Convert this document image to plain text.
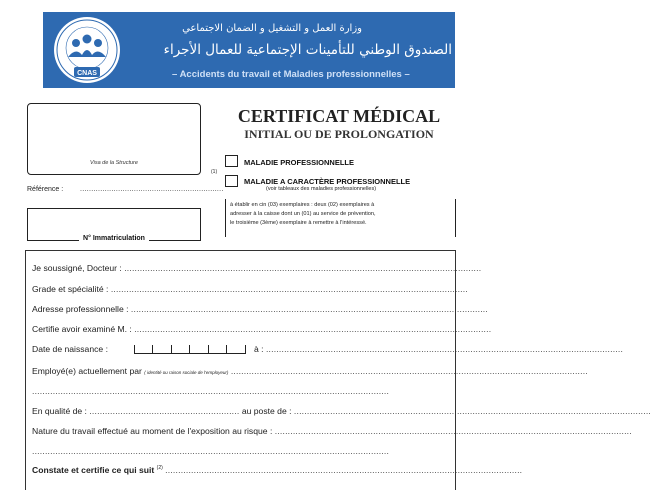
CNAS
وزارة العمل و التشغيل و الضمان الاجتماعي
الصندوق الوطني للتأمينات الإجتماعية للعمال الأجراء
– Accidents du travail et Maladies professionnelles –
Visa de la Structure
Référence : ................................................................
N° Immatriculation
CERTIFICAT MÉDICAL
INITIAL OU DE PROLONGATION
(1)
MALADIE PROFESSIONNELLE
MALADIE A CARACTÈRE PROFESSIONNELLE
(voir tableaux des maladies professionnelles)
à établir en cin (03) exemplaires : deux (02) exemplaires à
adresser à la caisse dont un (01) au service de prévention,
le troisième (3ème) exemplaire à remettre à l'intéressé.
Je soussigné, Docteur : ..........................................................................................................................................
Grade et spécialité : ..........................................................................................................................................
Adresse professionnelle : ..........................................................................................................................................
Certifie avoir examiné M. : ..........................................................................................................................................
Date de naissance :	à : ..........................................................................................................................................
Employé(e) actuellement par ( identité ou raison sociale de l'employeur) ..........................................................................................................................................
..........................................................................................................................................
En qualité de : .......................................................... au poste de : ..........................................................................................................................................
Nature du travail effectué au moment de l'exposition au risque : ..........................................................................................................................................
..........................................................................................................................................
Constate et certifie ce qui suit $^{(2)}$ ..........................................................................................................................................
